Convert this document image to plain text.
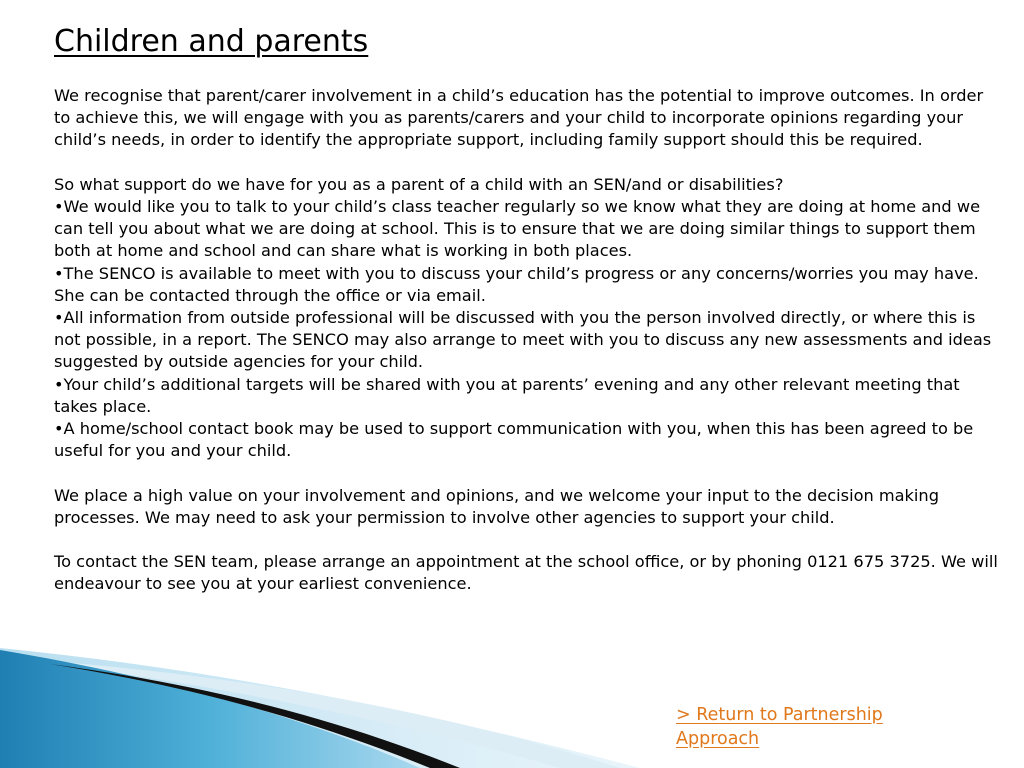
Children and parents

We recognise that parent/carer involvement in a child’s education has the potential to improve outcomes. In order to achieve this, we will engage with you as parents/carers and your child to incorporate opinions regarding your child’s needs, in order to identify the appropriate support, including family support should this be required.

So what support do we have for you as a parent of a child with an SEN/and or disabilities?

•We would like you to talk to your child’s class teacher regularly so we know what they are doing at home and we can tell you about what we are doing at school. This is to ensure that we are doing similar things to support them both at home and school and can share what is working in both places.

•The SENCO is available to meet with you to discuss your child’s progress or any concerns/worries you may have. She can be contacted through the office or via email.

•All information from outside professional will be discussed with you the person involved directly, or where this is not possible, in a report. The SENCO may also arrange to meet with you to discuss any new assessments and ideas suggested by outside agencies for your child.

•Your child’s additional targets will be shared with you at parents’ evening and any other relevant meeting that takes place.

•A home/school contact book may be used to support communication with you, when this has been agreed to be useful for you and your child.

We place a high value on your involvement and opinions, and we welcome your input to the decision making processes. We may need to ask your permission to involve other agencies to support your child.

To contact the SEN team, please arrange an appointment at the school office, or by phoning 0121 675 3725. We will endeavour to see you at your earliest convenience.

> Return to Partnership Approach
